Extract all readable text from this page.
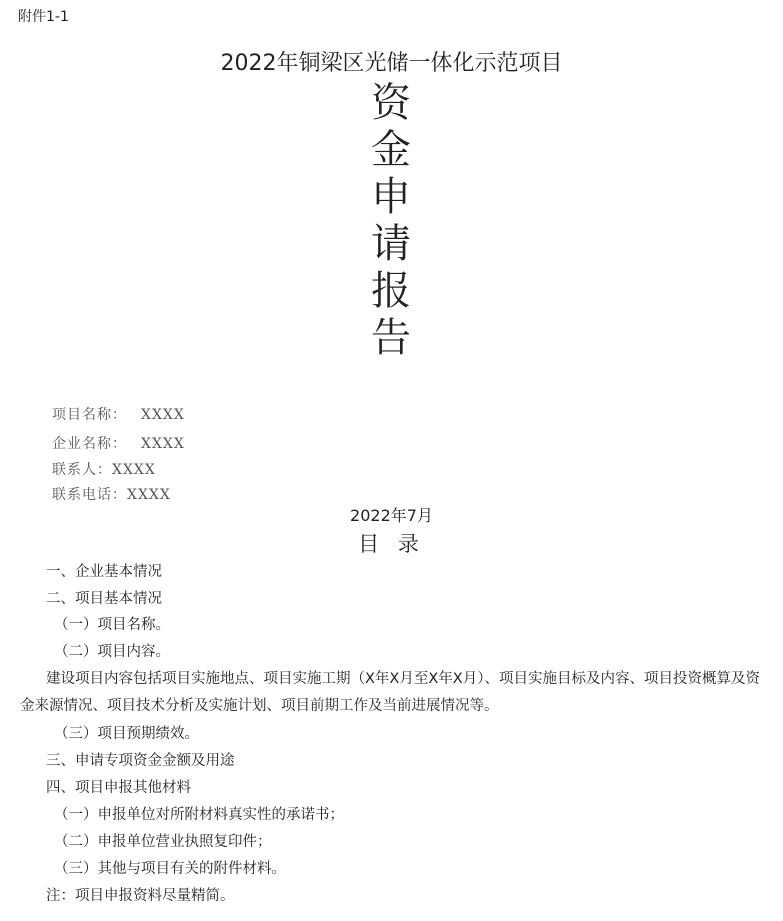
附件1-1
2022年铜梁区光储一体化示范项目
资
金
申
请
报
告
项目名称： XXXX
企业名称： XXXX
联系人：XXXX
联系电话：XXXX
2022年7月
目 录
一、企业基本情况
二、项目基本情况
（一）项目名称。
（二）项目内容。
建设项目内容包括项目实施地点、项目实施工期（X年X月至X年X月）、项目实施目标及内容、项目投资概算及资金来源情况、项目技术分析及实施计划、项目前期工作及当前进展情况等。
（三）项目预期绩效。
三、申请专项资金金额及用途
四、项目申报其他材料
（一）申报单位对所附材料真实性的承诺书；
（二）申报单位营业执照复印件；
（三）其他与项目有关的附件材料。
注：项目申报资料尽量精简。
